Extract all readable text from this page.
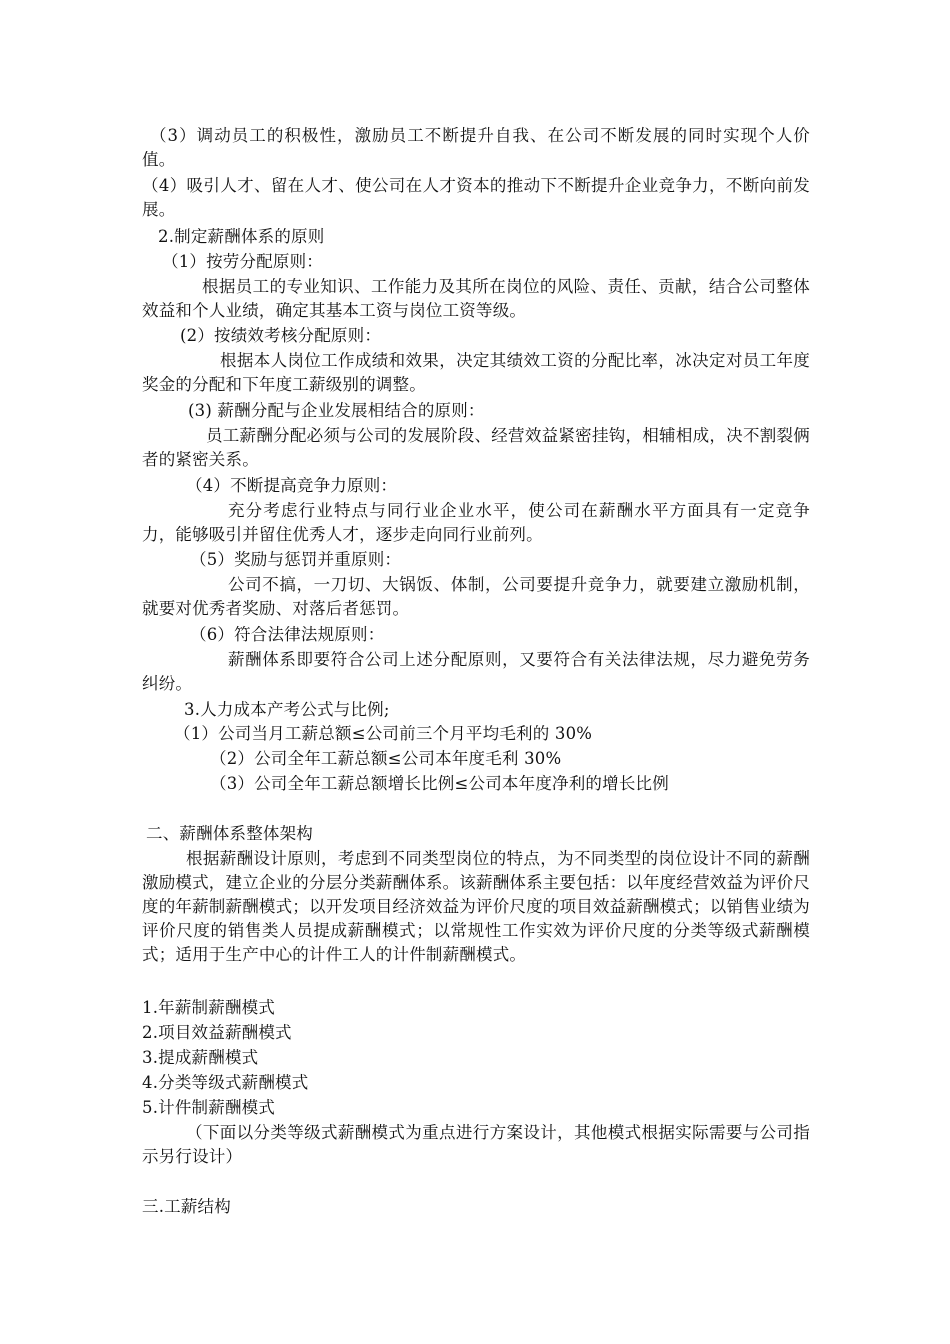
（3）调动员工的积极性，激励员工不断提升自我、在公司不断发展的同时实现个人价值。
（4）吸引人才、留在人才、使公司在人才资本的推动下不断提升企业竞争力，不断向前发展。
2.制定薪酬体系的原则
（1）按劳分配原则：
根据员工的专业知识、工作能力及其所在岗位的风险、责任、贡献，结合公司整体效益和个人业绩，确定其基本工资与岗位工资等级。
(2）按绩效考核分配原则：
根据本人岗位工作成绩和效果，决定其绩效工资的分配比率，冰决定对员工年度奖金的分配和下年度工薪级别的调整。
(3) 薪酬分配与企业发展相结合的原则：
员工薪酬分配必须与公司的发展阶段、经营效益紧密挂钩，相辅相成，决不割裂俩者的紧密关系。
（4）不断提高竞争力原则：
充分考虑行业特点与同行业企业水平，使公司在薪酬水平方面具有一定竞争力，能够吸引并留住优秀人才，逐步走向同行业前列。
（5）奖励与惩罚并重原则：
公司不搞，一刀切、大锅饭、体制，公司要提升竞争力，就要建立激励机制，就要对优秀者奖励、对落后者惩罚。
（6）符合法律法规原则：
薪酬体系即要符合公司上述分配原则，又要符合有关法律法规，尽力避免劳务纠纷。
3.人力成本产考公式与比例;
（1）公司当月工薪总额≤公司前三个月平均毛利的 30%
（2）公司全年工薪总额≤公司本年度毛利 30%
（3）公司全年工薪总额增长比例≤公司本年度净利的增长比例
二、薪酬体系整体架构
根据薪酬设计原则，考虑到不同类型岗位的特点，为不同类型的岗位设计不同的薪酬激励模式，建立企业的分层分类薪酬体系。该薪酬体系主要包括：以年度经营效益为评价尺度的年薪制薪酬模式；以开发项目经济效益为评价尺度的项目效益薪酬模式；以销售业绩为评价尺度的销售类人员提成薪酬模式；以常规性工作实效为评价尺度的分类等级式薪酬模式；适用于生产中心的计件工人的计件制薪酬模式。
1.年薪制薪酬模式
2.项目效益薪酬模式
3.提成薪酬模式
4.分类等级式薪酬模式
5.计件制薪酬模式
（下面以分类等级式薪酬模式为重点进行方案设计，其他模式根据实际需要与公司指示另行设计）
三.工薪结构
